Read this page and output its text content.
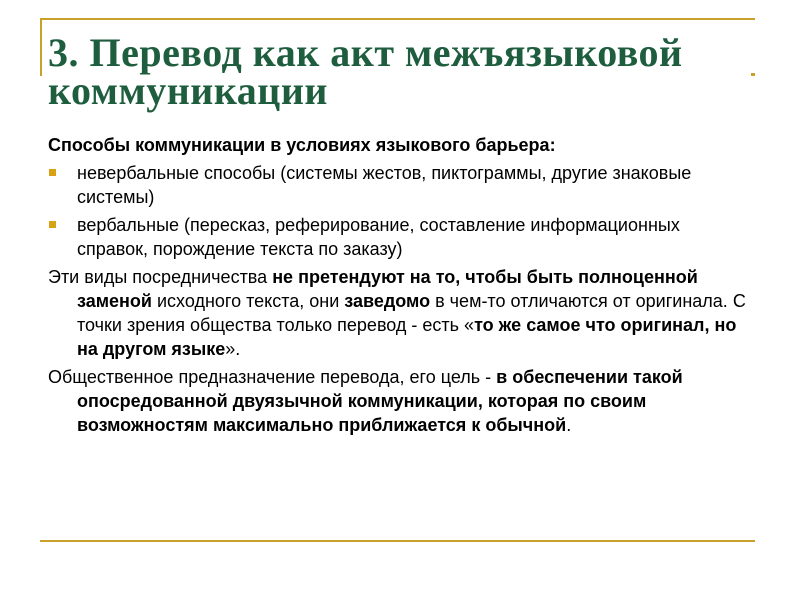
3. Перевод как акт межъязыковой коммуникации

Способы коммуникации в условиях языкового барьера:

невербальные способы (системы жестов, пиктограммы, другие знаковые системы)
вербальные (пересказ, реферирование, составление информационных справок, порождение текста по заказу)

Эти виды посредничества не претендуют на то, чтобы быть полноценной заменой исходного текста, они заведомо в чем-то отличаются от оригинала. С точки зрения общества только перевод - есть «то же самое что оригинал, но на другом языке».

Общественное предназначение перевода, его цель - в обеспечении такой опосредованной двуязычной коммуникации, которая по своим возможностям максимально приближается к обычной.
